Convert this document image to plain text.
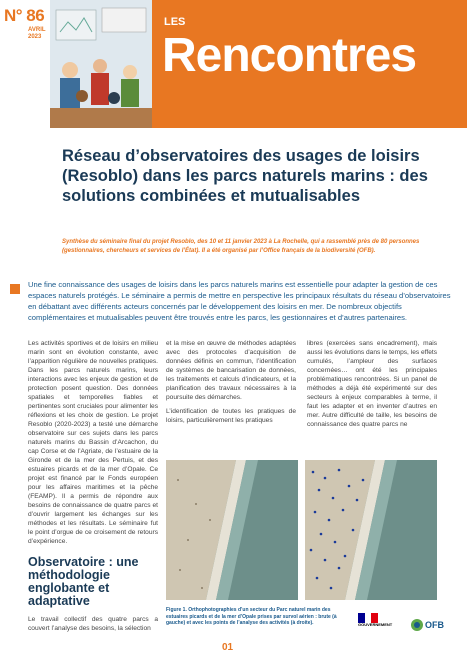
N° 86
AVRIL
2023
LES
Rencontres
Réseau d’observatoires des usages de loisirs (Resoblo) dans les parcs naturels marins : des solutions combinées et mutualisables

Synthèse du séminaire final du projet Resoblo, des 10 et 11 janvier 2023 à La Rochelle, qui a rassemblé près de 80 personnes (gestionnaires, chercheurs et services de l’État). Il a été organisé par l’Office français de la biodiversité (OFB).

Une fine connaissance des usages de loisirs dans les parcs naturels marins est essentielle pour adapter la gestion de ces espaces naturels protégés. Le séminaire a permis de mettre en perspective les principaux résultats du réseau d’observatoires en débattant avec différents acteurs concernés par le développement des loisirs en mer. De nombreux objectifs complémentaires et mutualisables peuvent être trouvés entre les parcs, les gestionnaires et d’autres partenaires.

Les activités sportives et de loisirs en milieu marin sont en évolution constante, avec l’apparition régulière de nouvelles pratiques. Dans les parcs naturels marins, leurs interactions avec les enjeux de gestion et de protection posent question. Des données spatiales et temporelles fiables et pertinentes sont cruciales pour alimenter les réflexions et les choix de gestion. Le projet Resoblo (2020-2023) a testé une démarche observatoire sur ces sujets dans les parcs naturels marins du Bassin d’Arcachon, du cap Corse et de l’Agriate, de l’estuaire de la Gironde et de la mer des Pertuis, et des estuaires picards et de la mer d’Opale. Ce projet est financé par le Fonds européen pour les affaires maritimes et la pêche (FEAMP). Il a permis de répondre aux besoins de connaissance de quatre parcs et d’ouvrir largement les échanges sur les méthodes et les résultats. Le séminaire fut le point d’orgue de ce croisement de retours d’expérience.

Observatoire : une méthodologie englobante et adaptative

Le travail collectif des quatre parcs a couvert l’analyse des besoins, la sélection

et la mise en œuvre de méthodes adaptées avec des protocoles d’acquisition de données définis en commun, l’identification de systèmes de bancarisation de données, les traitements et calculs d’indicateurs, et la planification des travaux nécessaires à la poursuite des démarches.

L’identification de toutes les pratiques de loisirs, particulièrement les pratiques

libres (exercées sans encadrement), mais aussi les évolutions dans le temps, les effets cumulés, l’ampleur des surfaces concernées… ont été les principales problématiques rencontrées. Si un panel de méthodes a déjà été expérimenté sur des secteurs à enjeux comparables à terme, il faut les adapter et en inventer d’autres en mer. Autre difficulté de taille, les besoins de connaissance des quatre parcs ne

Figure 1. Orthophotographies d’un secteur du Parc naturel marin des estuaires picards et de la mer d’Opale prises par survol aérien : brute (à gauche) et avec les points de l’analyse des activités (à droite).	GOUVERNEMENT	OFB
01
